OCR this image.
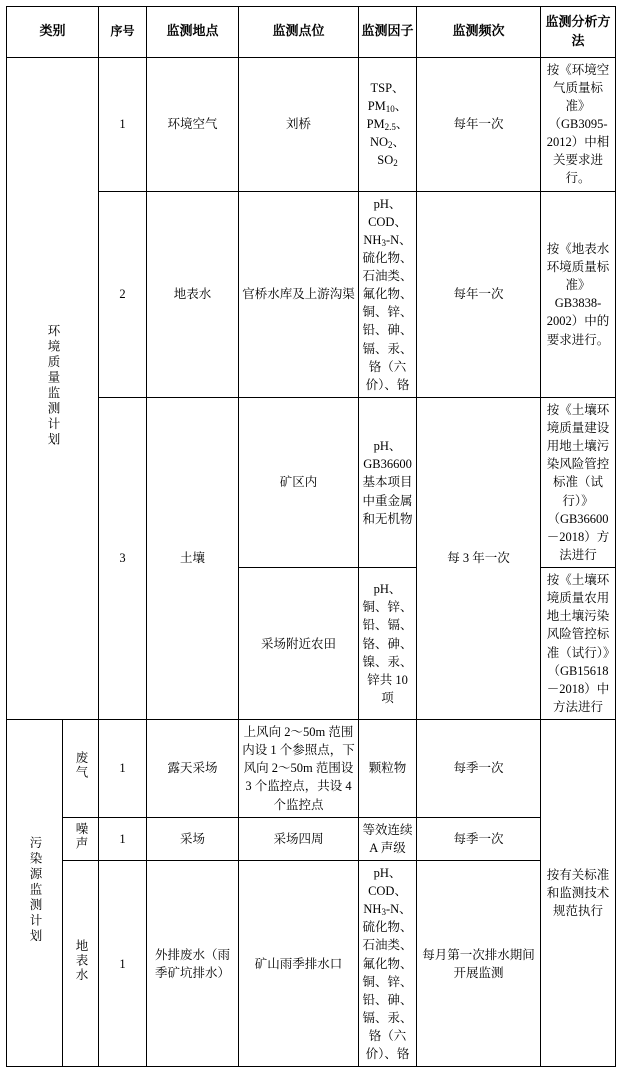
类别		序号	监测地点	监测点位	监测因子	监测频次	监测分析方法
环境质量监测计划		1	环境空气	刘桥	TSP、$PM_{10}$、$PM_{2.5}$、$NO_2$、$SO_2$	每年一次	按《环境空气质量标准》（GB3095-2012）中相关要求进行。
		2	地表水	官桥水库及上游沟渠	pH、COD、$NH_3-N$、硫化物、石油类、氟化物、铜、锌、铅、砷、镉、汞、铬（六价）、铬	每年一次	按《地表水环境质量标准》GB3838-2002）中的要求进行。
		3	土壤	矿区内	pH、GB36600 基本项目中重金属和无机物	每 3 年一次	按《土壤环境质量建设用地土壤污染风险管控标准（试行）》（GB36600－2018）方法进行
				采场附近农田	pH、铜、锌、铅、镉、铬、砷、镍、汞、锌共 10 项		按《土壤环境质量农用地土壤污染风险管控标准（试行）》（GB15618－2018）中方法进行
污染源监测计划	废气	1	露天采场	上风向 2～50m 范围内设 1 个参照点，下风向 2～50m 范围设 3 个监控点，共设 4 个监控点	颗粒物	每季一次	按有关标准和监测技术规范执行
	噪声	1	采场	采场四周	等效连续 A 声级	每季一次	
	地表水	1	外排废水（雨季矿坑排水）	矿山雨季排水口	pH、COD、$NH_3-N$、硫化物、石油类、氟化物、铜、锌、铅、砷、镉、汞、铬（六价）、铬	每月第一次排水期间开展监测	
